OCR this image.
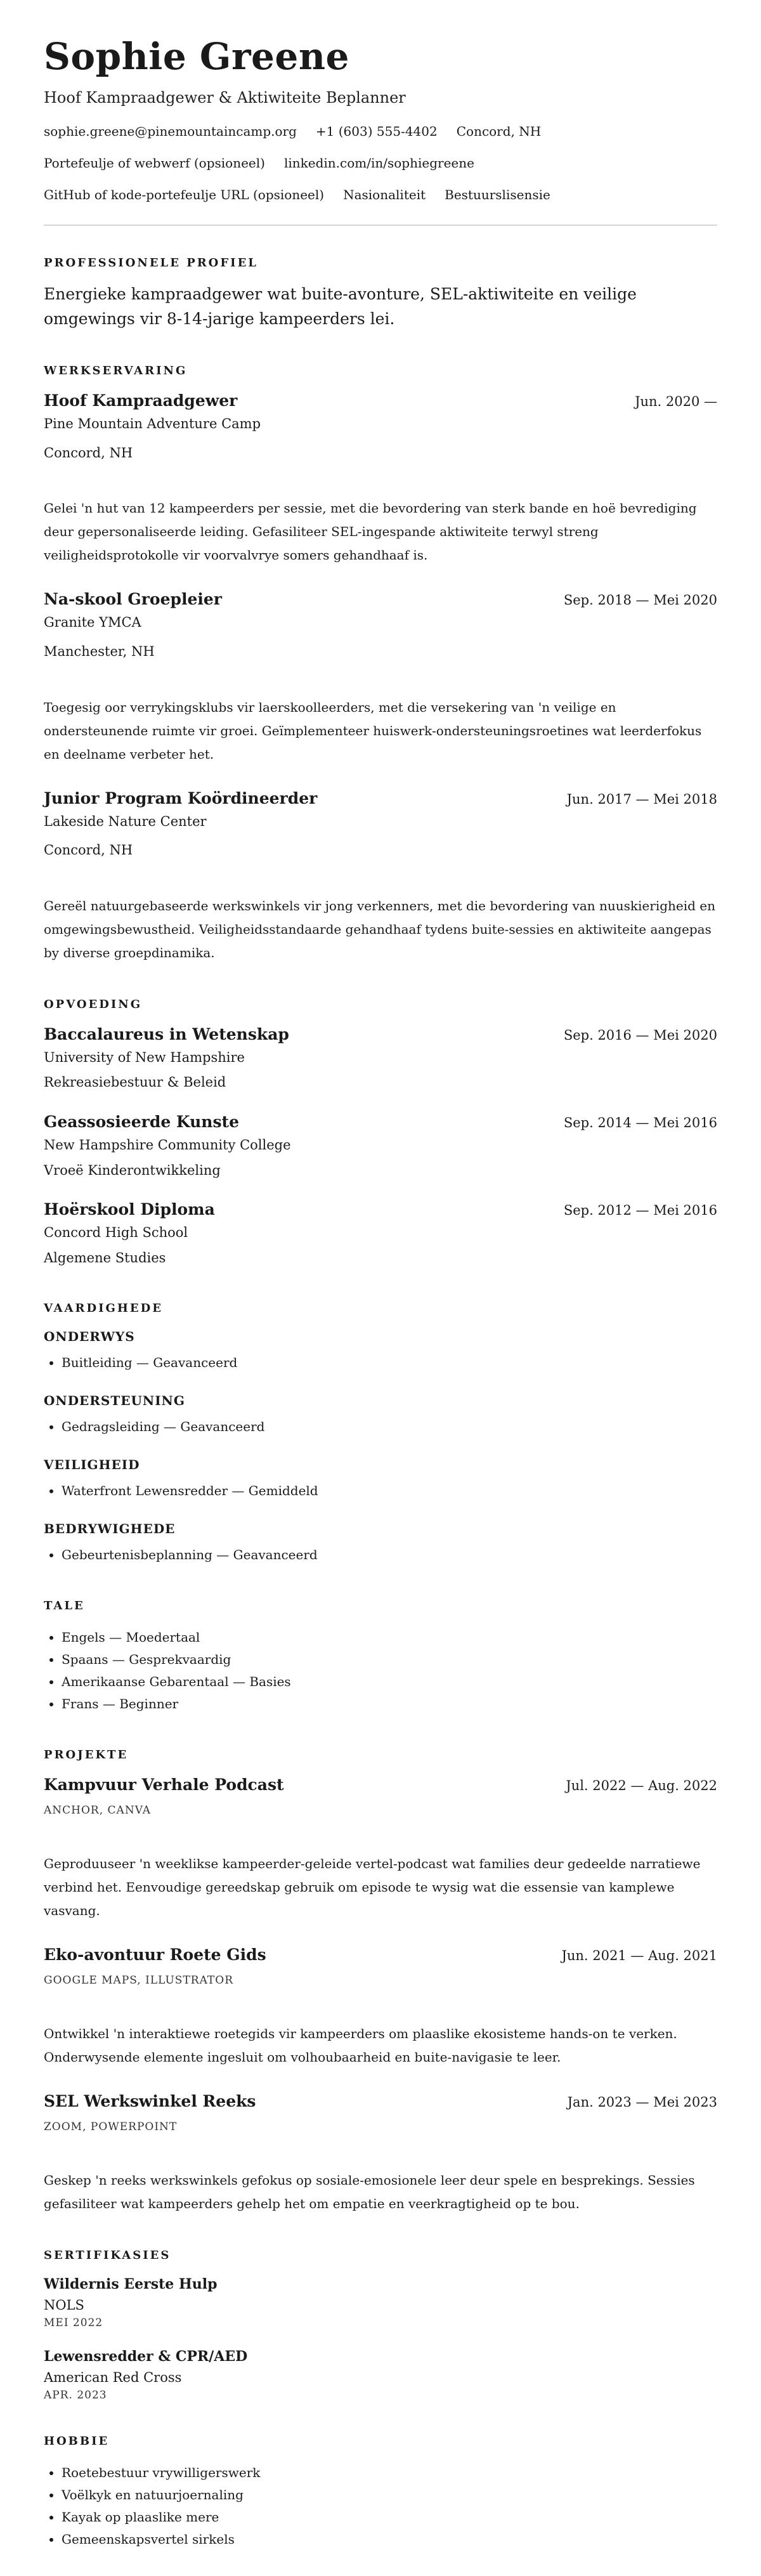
Sophie Greene
Hoof Kampraadgewer & Aktiwiteite Beplanner
sophie.greene@pinemountaincamp.org +1 (603) 555-4402 Concord, NH
Portefeulje of webwerf (opsioneel) linkedin.com/in/sophiegreene
GitHub of kode-portefeulje URL (opsioneel) Nasionaliteit Bestuurslisensie
PROFESSIONELE PROFIEL
Energieke kampraadgewer wat buite-avonture, SEL-aktiwiteite en veilige omgewings vir 8-14-jarige kampeerders lei.
WERKSERVARING
Hoof Kampraadgewer	Jun. 2020 —
Pine Mountain Adventure Camp
Concord, NH
Gelei 'n hut van 12 kampeerders per sessie, met die bevordering van sterk bande en hoë bevrediging deur gepersonaliseerde leiding. Gefasiliteer SEL-ingespande aktiwiteite terwyl streng veiligheidsprotokolle vir voorvalvrye somers gehandhaaf is.
Na-skool Groepleier	Sep. 2018 — Mei 2020
Granite YMCA
Manchester, NH
Toegesig oor verrykingsklubs vir laerskoolleerders, met die versekering van 'n veilige en ondersteunende ruimte vir groei. Geïmplementeer huiswerk-ondersteuningsroetines wat leerderfokus en deelname verbeter het.
Junior Program Koördineerder	Jun. 2017 — Mei 2018
Lakeside Nature Center
Concord, NH
Gereël natuurgebaseerde werkswinkels vir jong verkenners, met die bevordering van nuuskierigheid en omgewingsbewustheid. Veiligheidsstandaarde gehandhaaf tydens buite-sessies en aktiwiteite aangepas by diverse groepdinamika.
OPVOEDING
Baccalaureus in Wetenskap	Sep. 2016 — Mei 2020
University of New Hampshire
Rekreasiebestuur & Beleid
Geassosieerde Kunste	Sep. 2014 — Mei 2016
New Hampshire Community College
Vroeë Kinderontwikkeling
Hoërskool Diploma	Sep. 2012 — Mei 2016
Concord High School
Algemene Studies
VAARDIGHEDE
ONDERWYS
• Buitleiding — Geavanceerd
ONDERSTEUNING
• Gedragsleiding — Geavanceerd
VEILIGHEID
• Waterfront Lewensredder — Gemiddeld
BEDRYWIGHEDE
• Gebeurtenisbeplanning — Geavanceerd
TALE
• Engels — Moedertaal
• Spaans — Gesprekvaardig
• Amerikaanse Gebarentaal — Basies
• Frans — Beginner
PROJEKTE
Kampvuur Verhale Podcast	Jul. 2022 — Aug. 2022
ANCHOR, CANVA
Geproduuseer 'n weeklikse kampeerder-geleide vertel-podcast wat families deur gedeelde narratiewe verbind het. Eenvoudige gereedskap gebruik om episode te wysig wat die essensie van kamplewe vasvang.
Eko-avontuur Roete Gids	Jun. 2021 — Aug. 2021
GOOGLE MAPS, ILLUSTRATOR
Ontwikkel 'n interaktiewe roetegids vir kampeerders om plaaslike ekosisteme hands-on te verken. Onderwysende elemente ingesluit om volhoubaarheid en buite-navigasie te leer.
SEL Werkswinkel Reeks	Jan. 2023 — Mei 2023
ZOOM, POWERPOINT
Geskep 'n reeks werkswinkels gefokus op sosiale-emosionele leer deur spele en besprekings. Sessies gefasiliteer wat kampeerders gehelp het om empatie en veerkragtigheid op te bou.
SERTIFIKASIES
Wildernis Eerste Hulp
NOLS
MEI 2022
Lewensredder & CPR/AED
American Red Cross
APR. 2023
HOBBIE
• Roetebestuur vrywilligerswerk
• Voëlkyk en natuurjoernaling
• Kayak op plaaslike mere
• Gemeenskapsvertel sirkels
